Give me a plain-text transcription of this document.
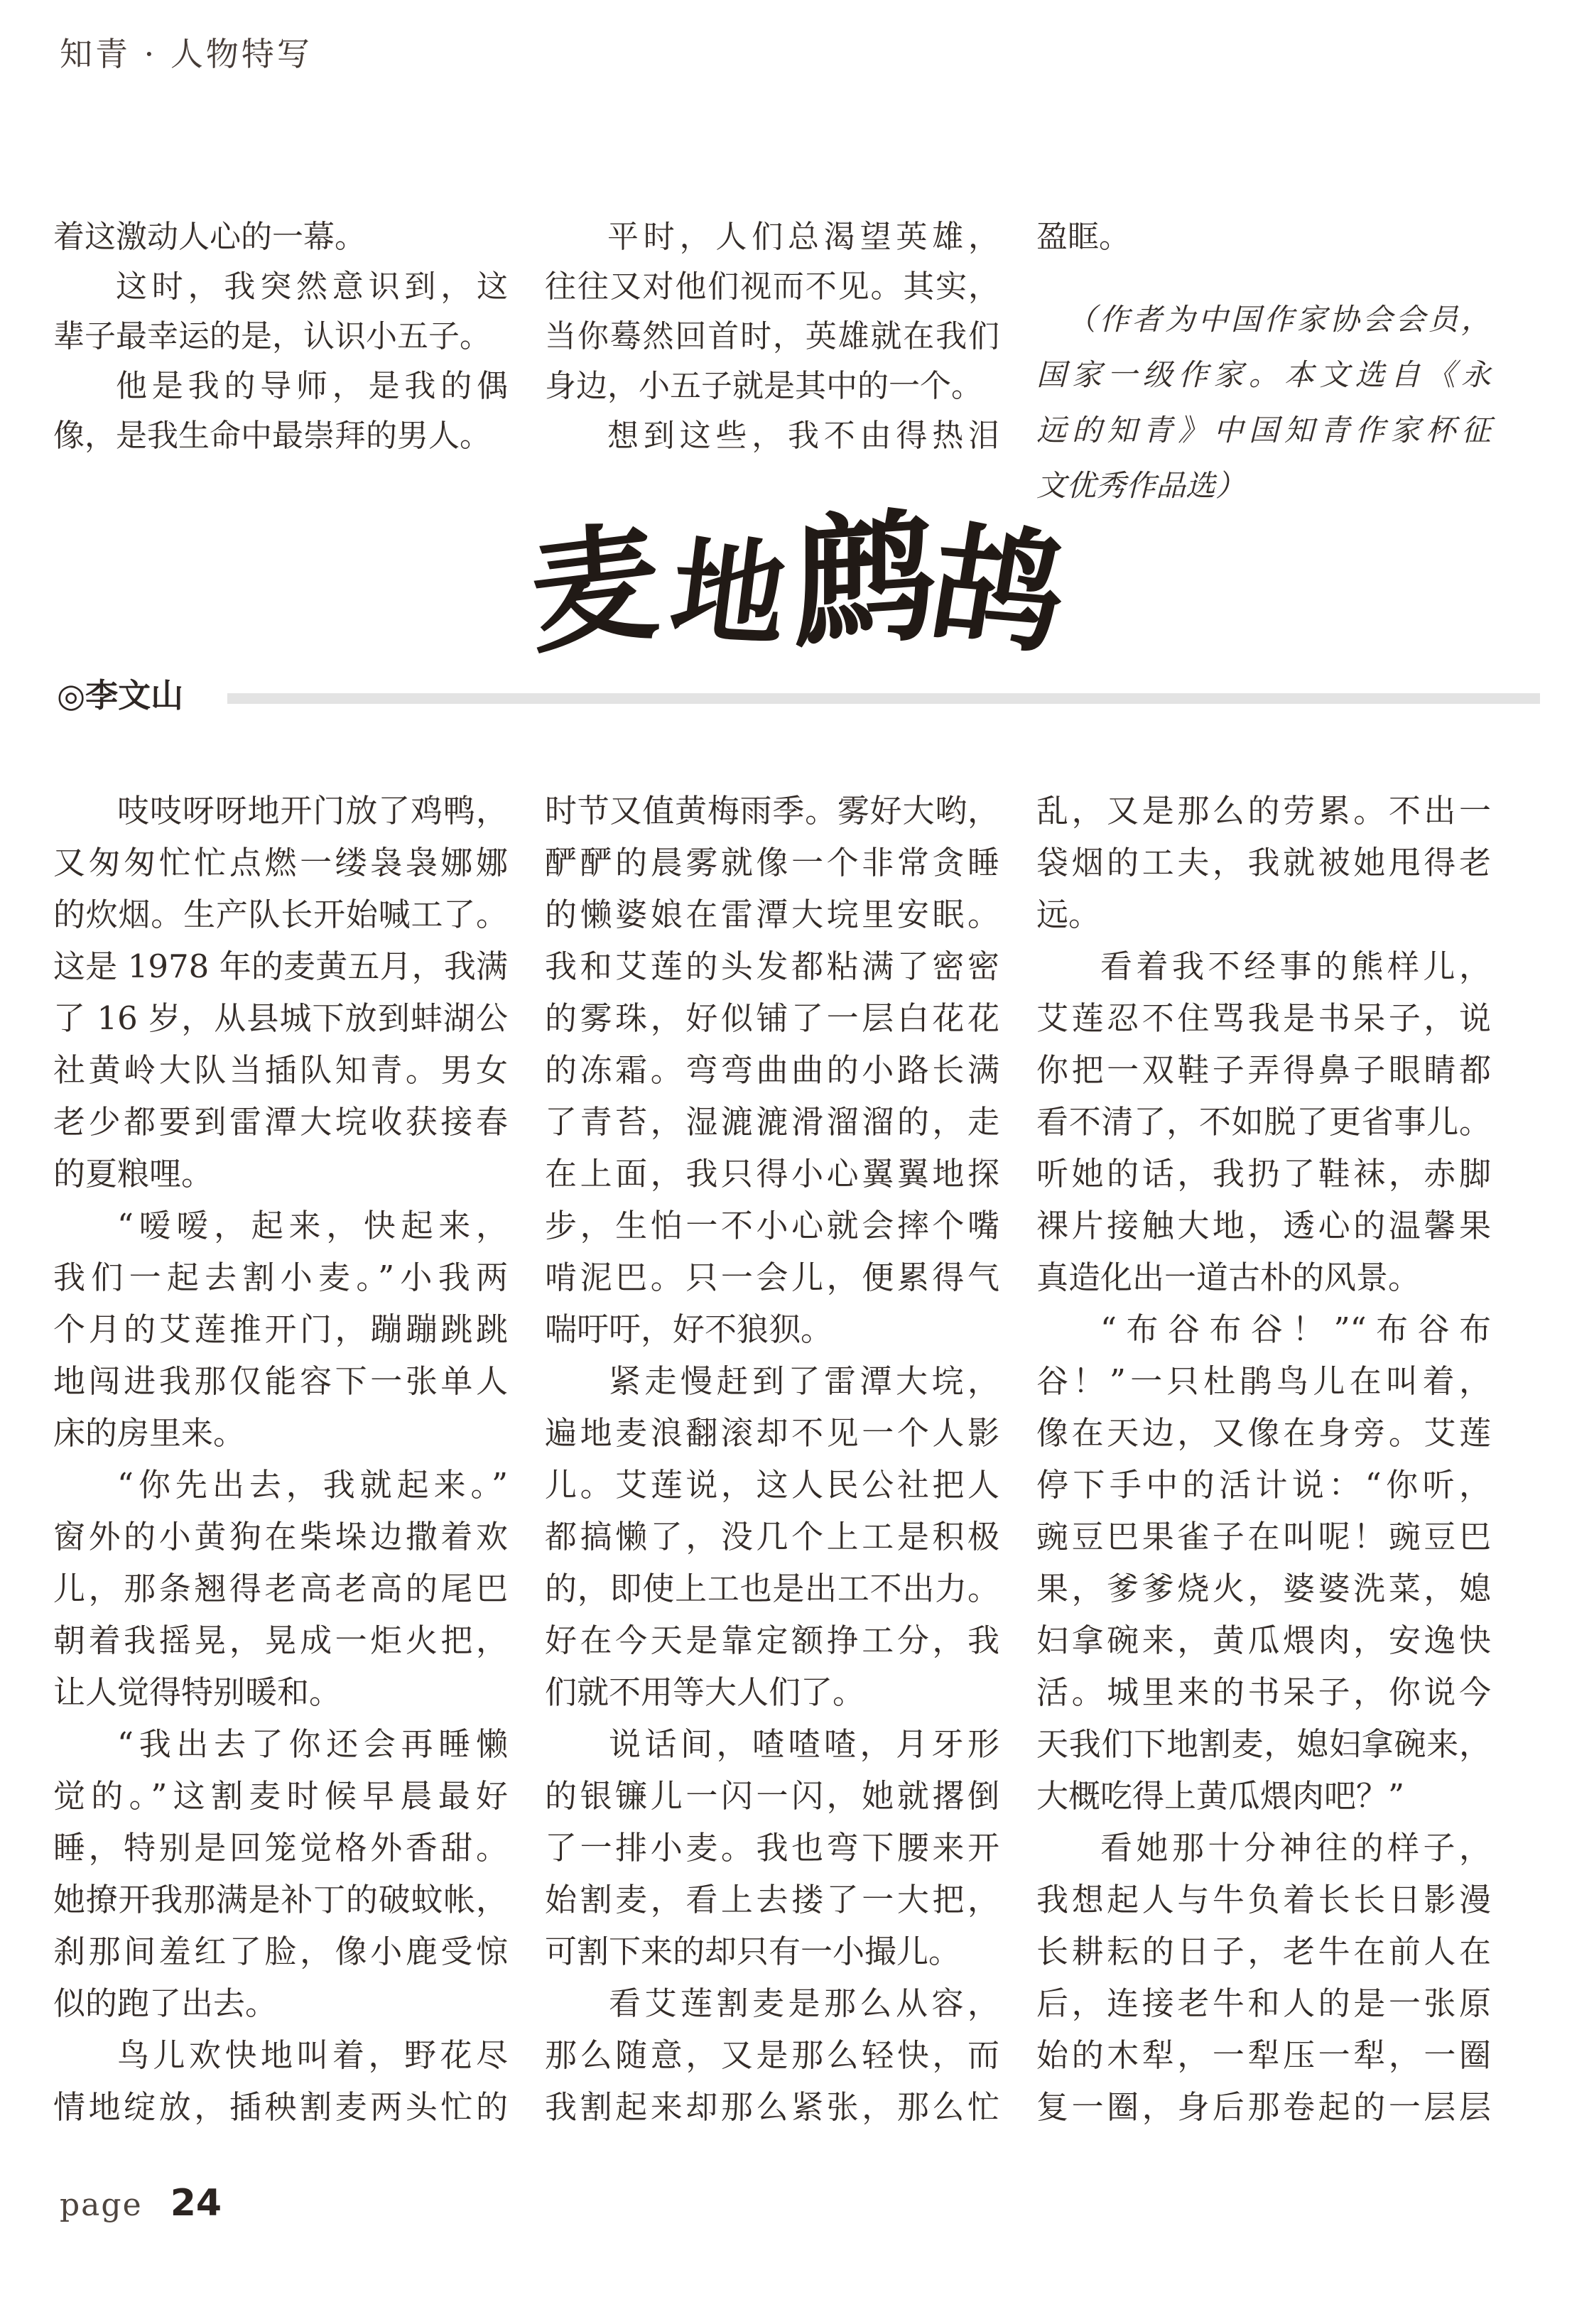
知青 · 人物特写
着这激动人心的一幕。
这时，我突然意识到，这
辈子最幸运的是，认识小五子。
他是我的导师，是我的偶
像，是我生命中最崇拜的男人。
平时，人们总渴望英雄，
往往又对他们视而不见。其实，
当你蓦然回首时，英雄就在我们
身边，小五子就是其中的一个。
想到这些，我不由得热泪
盈眶。
（作者为中国作家协会会员，
国家一级作家。本文选自《永
远的知青》中国知青作家杯征
文优秀作品选）
麦地鹧鸪
◎李文山
吱吱呀呀地开门放了鸡鸭，
又匆匆忙忙点燃一缕袅袅娜娜
的炊烟。生产队长开始喊工了。
这是 1978 年的麦黄五月，我满
了 16 岁，从县城下放到蚌湖公
社黄岭大队当插队知青。男女
老少都要到雷潭大垸收获接春
的夏粮哩。
“嗳嗳，起来，快起来，
我们一起去割小麦。”小我两
个月的艾莲推开门，蹦蹦跳跳
地闯进我那仅能容下一张单人
床的房里来。
“你先出去，我就起来。”
窗外的小黄狗在柴垛边撒着欢
儿，那条翘得老高老高的尾巴
朝着我摇晃，晃成一炬火把，
让人觉得特别暖和。
“我出去了你还会再睡懒
觉的。”这割麦时候早晨最好
睡，特别是回笼觉格外香甜。
她撩开我那满是补丁的破蚊帐，
刹那间羞红了脸，像小鹿受惊
似的跑了出去。
鸟儿欢快地叫着，野花尽
情地绽放，插秧割麦两头忙的
时节又值黄梅雨季。雾好大哟，
酽酽的晨雾就像一个非常贪睡
的懒婆娘在雷潭大垸里安眠。
我和艾莲的头发都粘满了密密
的雾珠，好似铺了一层白花花
的冻霜。弯弯曲曲的小路长满
了青苔，湿漉漉滑溜溜的，走
在上面，我只得小心翼翼地探
步，生怕一不小心就会摔个嘴
啃泥巴。只一会儿，便累得气
喘吁吁，好不狼狈。
紧走慢赶到了雷潭大垸，
遍地麦浪翻滚却不见一个人影
儿。艾莲说，这人民公社把人
都搞懒了，没几个上工是积极
的，即使上工也是出工不出力。
好在今天是靠定额挣工分，我
们就不用等大人们了。
说话间，喳喳喳，月牙形
的银镰儿一闪一闪，她就撂倒
了一排小麦。我也弯下腰来开
始割麦，看上去搂了一大把，
可割下来的却只有一小撮儿。
看艾莲割麦是那么从容，
那么随意，又是那么轻快，而
我割起来却那么紧张，那么忙
乱，又是那么的劳累。不出一
袋烟的工夫，我就被她甩得老
远。
看着我不经事的熊样儿，
艾莲忍不住骂我是书呆子，说
你把一双鞋子弄得鼻子眼睛都
看不清了，不如脱了更省事儿。
听她的话，我扔了鞋袜，赤脚
裸片接触大地，透心的温馨果
真造化出一道古朴的风景。
“布谷布谷！”“布谷布
谷！”一只杜鹃鸟儿在叫着，
像在天边，又像在身旁。艾莲
停下手中的活计说：“你听，
豌豆巴果雀子在叫呢！豌豆巴
果，爹爹烧火，婆婆洗菜，媳
妇拿碗来，黄瓜煨肉，安逸快
活。城里来的书呆子，你说今
天我们下地割麦，媳妇拿碗来，
大概吃得上黄瓜煨肉吧？”
看她那十分神往的样子，
我想起人与牛负着长长日影漫
长耕耘的日子，老牛在前人在
后，连接老牛和人的是一张原
始的木犁，一犁压一犁，一圈
复一圈，身后那卷起的一层层
page 24
